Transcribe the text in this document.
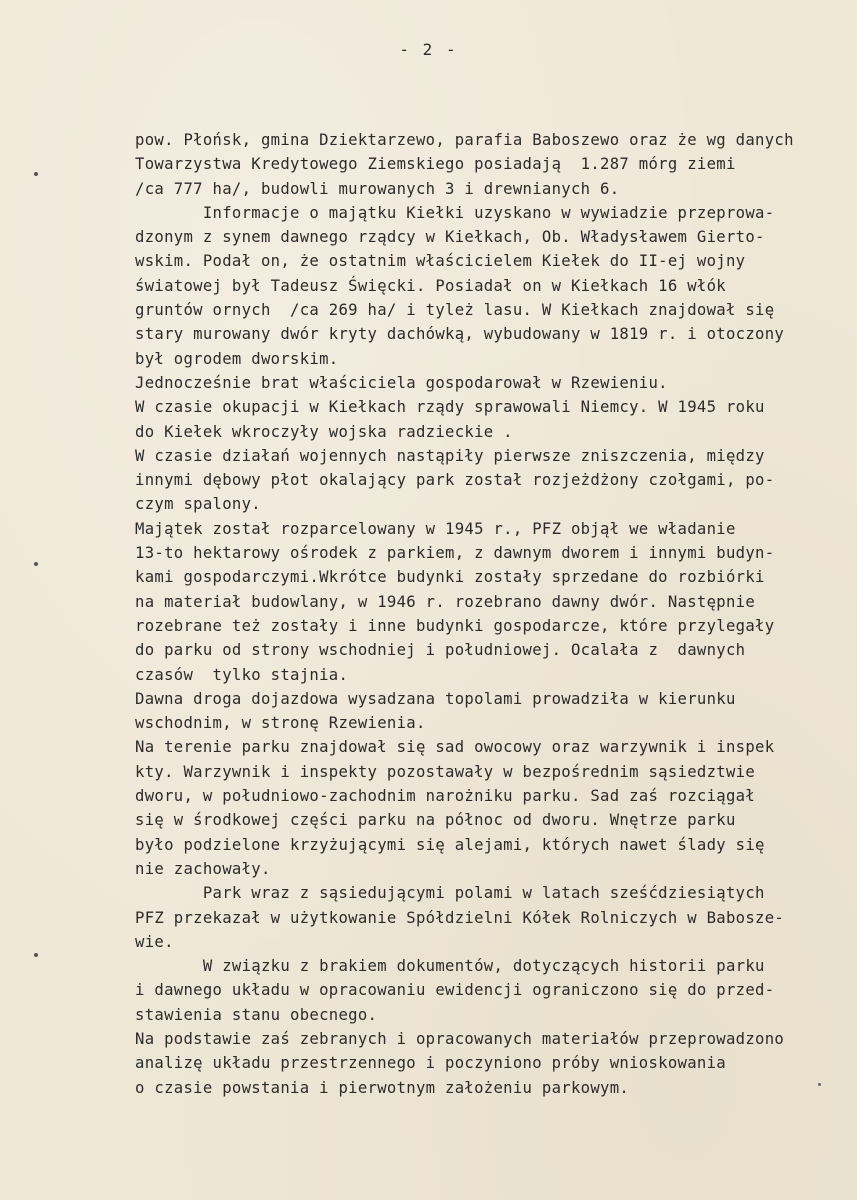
- 2 -
pow. Płońsk, gmina Dziektarzewo, parafia Baboszewo oraz że wg danych
Towarzystwa Kredytowego Ziemskiego posiadają  1.287 mórg ziemi
/ca 777 ha/, budowli murowanych 3 i drewnianych 6.
Informacje o majątku Kiełki uzyskano w wywiadzie przeprowa-
dzonym z synem dawnego rządcy w Kiełkach, Ob. Władysławem Gierto-
wskim. Podał on, że ostatnim właścicielem Kiełek do II-ej wojny
światowej był Tadeusz Święcki. Posiadał on w Kiełkach 16 włók
gruntów ornych  /ca 269 ha/ i tyleż lasu. W Kiełkach znajdował się
stary murowany dwór kryty dachówką, wybudowany w 1819 r. i otoczony
był ogrodem dworskim.
Jednocześnie brat właściciela gospodarował w Rzewieniu.
W czasie okupacji w Kiełkach rządy sprawowali Niemcy. W 1945 roku
do Kiełek wkroczyły wojska radzieckie .
W czasie działań wojennych nastąpiły pierwsze zniszczenia, między
innymi dębowy płot okalający park został rozjeżdżony czołgami, po-
czym spalony.
Majątek został rozparcelowany w 1945 r., PFZ objął we władanie
13-to hektarowy ośrodek z parkiem, z dawnym dworem i innymi budyn-
kami gospodarczymi.Wkrótce budynki zostały sprzedane do rozbiórki
na materiał budowlany, w 1946 r. rozebrano dawny dwór. Następnie
rozebrane też zostały i inne budynki gospodarcze, które przylegały
do parku od strony wschodniej i południowej. Ocalała z  dawnych
czasów  tylko stajnia.
Dawna droga dojazdowa wysadzana topolami prowadziła w kierunku
wschodnim, w stronę Rzewienia.
Na terenie parku znajdował się sad owocowy oraz warzywnik i inspek
kty. Warzywnik i inspekty pozostawały w bezpośrednim sąsiedztwie
dworu, w południowo-zachodnim narożniku parku. Sad zaś rozciągał
się w środkowej części parku na północ od dworu. Wnętrze parku
było podzielone krzyżującymi się alejami, których nawet ślady się
nie zachowały.
Park wraz z sąsiedującymi polami w latach sześćdziesiątych
PFZ przekazał w użytkowanie Spółdzielni Kółek Rolniczych w Babosze-
wie.
W związku z brakiem dokumentów, dotyczących historii parku
i dawnego układu w opracowaniu ewidencji ograniczono się do przed-
stawienia stanu obecnego.
Na podstawie zaś zebranych i opracowanych materiałów przeprowadzono
analizę układu przestrzennego i poczyniono próby wnioskowania
o czasie powstania i pierwotnym założeniu parkowym.
